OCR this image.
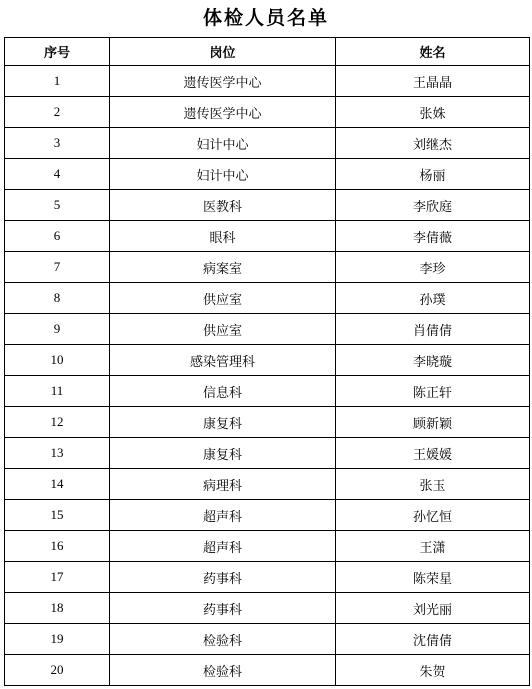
体检人员名单
序号	岗位	姓名
1	遗传医学中心	王晶晶
2	遗传医学中心	张姝
3	妇计中心	刘继杰
4	妇计中心	杨丽
5	医教科	李欣庭
6	眼科	李倩薇
7	病案室	李珍
8	供应室	孙璞
9	供应室	肖倩倩
10	感染管理科	李晓璇
11	信息科	陈正轩
12	康复科	顾新颖
13	康复科	王媛媛
14	病理科	张玉
15	超声科	孙忆恒
16	超声科	王潇
17	药事科	陈荣星
18	药事科	刘光丽
19	检验科	沈倩倩
20	检验科	朱贺
